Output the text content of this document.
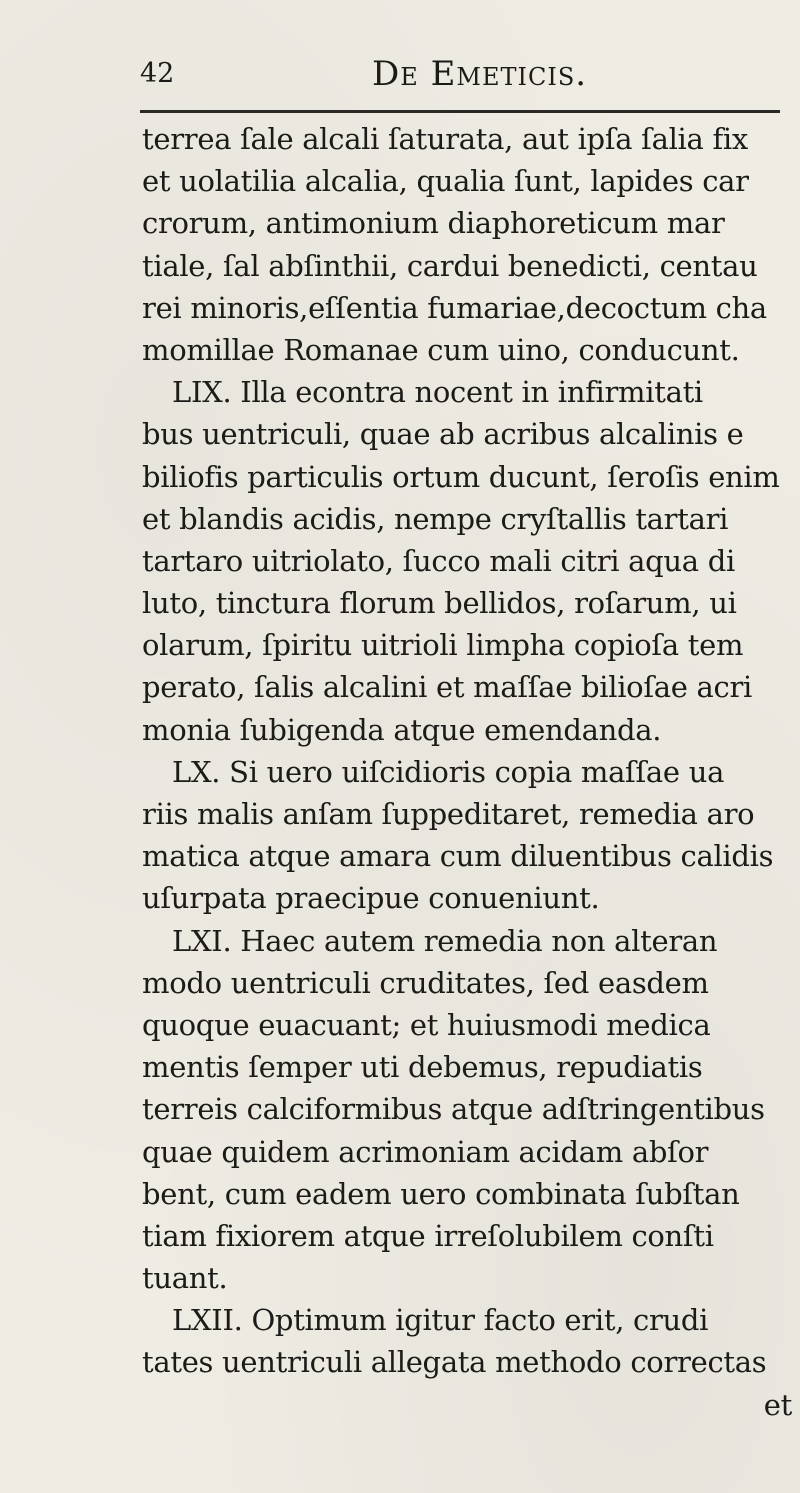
42	De Emeticis.
terrea ſale alcali ſaturata, aut ipſa ſalia fix
et uolatilia alcalia, qualia ſunt, lapides car
crorum, antimonium diaphoreticum mar
tiale, ſal abſinthii, cardui benedicti, centau
rei minoris,eſſentia fumariae,decoctum cha
momillae Romanae cum uino, conducunt.
LIX. Illa econtra nocent in infirmitati
bus uentriculi, quae ab acribus alcalinis e
biliofis particulis ortum ducunt, ſeroſis enim
et blandis acidis, nempe cryſtallis tartari
tartaro uitriolato, ſucco mali citri aqua di
luto, tinctura florum bellidos, roſarum, ui
olarum, ſpiritu uitrioli limpha copioſa tem
perato, ſalis alcalini et maſſae bilioſae acri
monia ſubigenda atque emendanda.
LX. Si uero uiſcidioris copia maſſae ua
riis malis anſam ſuppeditaret, remedia aro
matica atque amara cum diluentibus calidis
uſurpata praecipue conueniunt.
LXI. Haec autem remedia non alteran
modo uentriculi cruditates, ſed easdem
quoque euacuant; et huiusmodi medica
mentis ſemper uti debemus, repudiatis
terreis calciformibus atque adſtringentibus
quae quidem acrimoniam acidam abſor
bent, cum eadem uero combinata ſubſtan
tiam fixiorem atque irreſolubilem conſti
tuant.
LXII. Optimum igitur facto erit, crudi
tates uentriculi allegata methodo correctas
et
